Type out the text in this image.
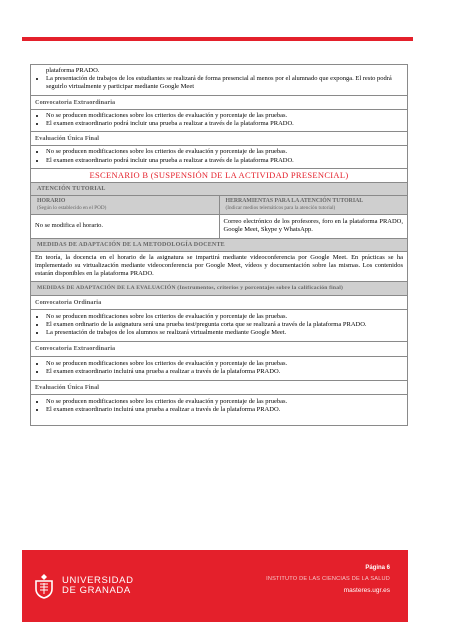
plataforma PRADO.
• La presentación de trabajos de los estudiantes se realizará de forma presencial al menos por el alumnado que exponga. El resto podrá seguirlo virtualmente y participar mediante Google Meet
Convocatoria Extraordinaria
• No se producen modificaciones sobre los criterios de evaluación y porcentaje de las pruebas.
• El examen extraordinario podrá incluir una prueba a realizar a través de la plataforma PRADO.
Evaluación Única Final
• No se producen modificaciones sobre los criterios de evaluación y porcentaje de las pruebas.
• El examen extraordinario podrá incluir una prueba a realizar a través de la plataforma PRADO.
ESCENARIO B (SUSPENSIÓN DE LA ACTIVIDAD PRESENCIAL)
ATENCIÓN TUTORIAL
HORARIO
(Según lo establecido en el POD)
HERRAMIENTAS PARA LA ATENCIÓN TUTORIAL
(Indicar medios telemáticos para la atención tutorial)
No se modifica el horario.
Correo electrónico de los profesores, foro en la plataforma PRADO, Google Meet, Skype y WhatsApp.
MEDIDAS DE ADAPTACIÓN DE LA METODOLOGÍA DOCENTE
En teoría, la docencia en el horario de la asignatura se impartirá mediante videoconferencia por Google Meet. En prácticas se ha implementado su virtualización mediante videoconferencia por Google Meet, vídeos y documentación sobre las mismas. Los contenidos estarán disponibles en la plataforma PRADO.
MEDIDAS DE ADAPTACIÓN DE LA EVALUACIÓN (Instrumentos, criterios y porcentajes sobre la calificación final)
Convocatoria Ordinaria
• No se producen modificaciones sobre los criterios de evaluación y porcentaje de las pruebas.
• El examen ordinario de la asignatura será una prueba test/pregunta corta que se realizará a través de la plataforma PRADO.
• La presentación de trabajos de los alumnos se realizará virtualmente mediante Google Meet.
Convocatoria Extraordinaria
• No se producen modificaciones sobre los criterios de evaluación y porcentaje de las pruebas.
• El examen extraordinario incluirá una prueba a realizar a través de la plataforma PRADO.
Evaluación Única Final
• No se producen modificaciones sobre los criterios de evaluación y porcentaje de las pruebas.
• El examen extraordinario incluirá una prueba a realizar a través de la plataforma PRADO.
UNIVERSIDAD
DE GRANADA
Página 6
INSTITUTO DE LAS CIENCIAS DE LA SALUD
masteres.ugr.es
